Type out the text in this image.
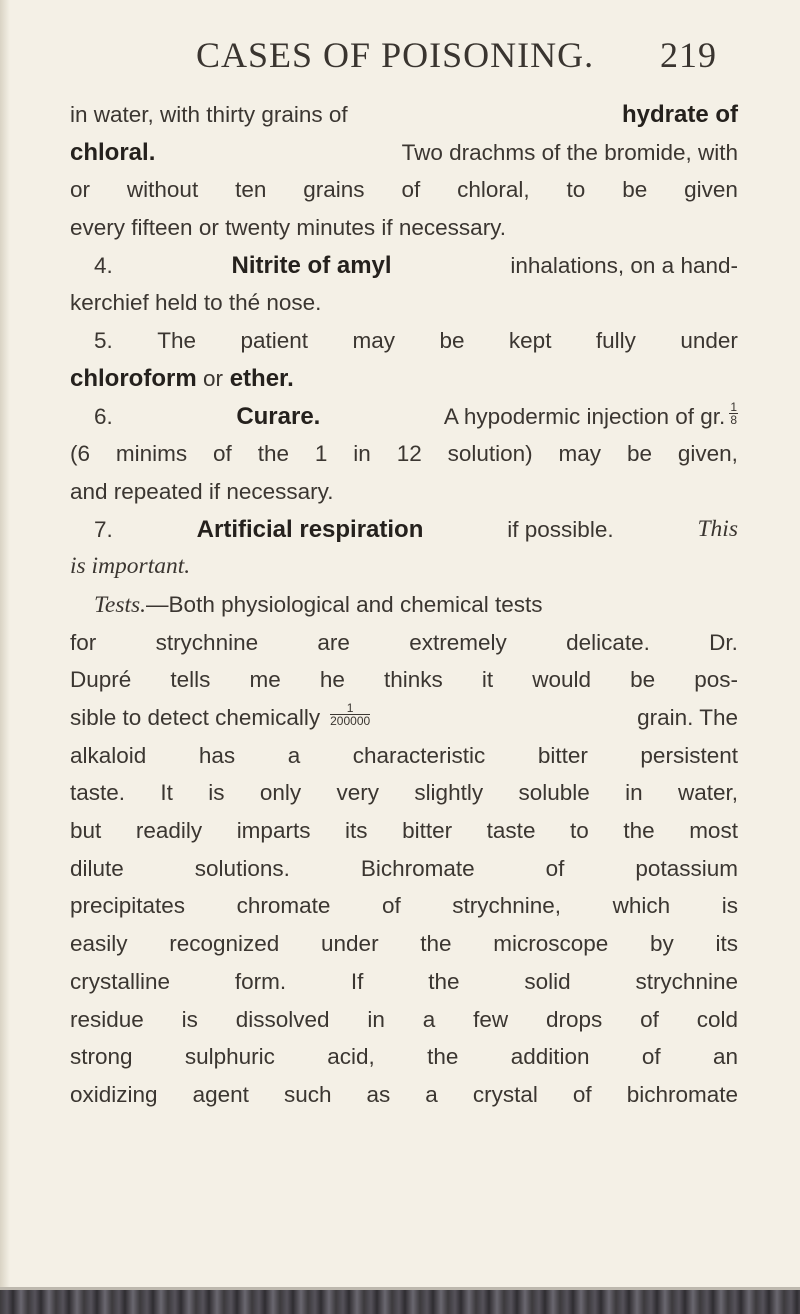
CASES OF POISONING. 219
in water, with thirty grains of	hydrate of
chloral.	Two drachms of the bromide, with
or without ten grains of chloral, to be given
every fifteen or twenty minutes if necessary.
4.	Nitrite of amyl	inhalations, on a hand-
kerchief held to thé nose.
5. The patient may be kept fully under
chloroform or ether.
6.	Curare.	A hypodermic injection of gr. $\frac{1}{8}$
(6 minims of the 1 in 12 solution) may be given,
and repeated if necessary.
7.	Artificial respiration	if possible.	This
is important.
Tests.—Both physiological and chemical tests
for	strychnine	are	extremely	delicate.	Dr.
Dupré tells me he thinks it would be pos-
sible to detect chemically $\frac{1}{200000}$	grain. The
alkaloid has a characteristic bitter persistent
taste. It is only very slightly soluble in water,
but readily imparts its bitter taste to the most
dilute	solutions.	Bichromate	of	potassium
precipitates chromate of strychnine, which is
easily recognized under the microscope by its
crystalline	form.	If	the	solid	strychnine
residue is dissolved in a few drops of cold
strong sulphuric acid, the addition of an
oxidizing agent such as a crystal of bichromate
